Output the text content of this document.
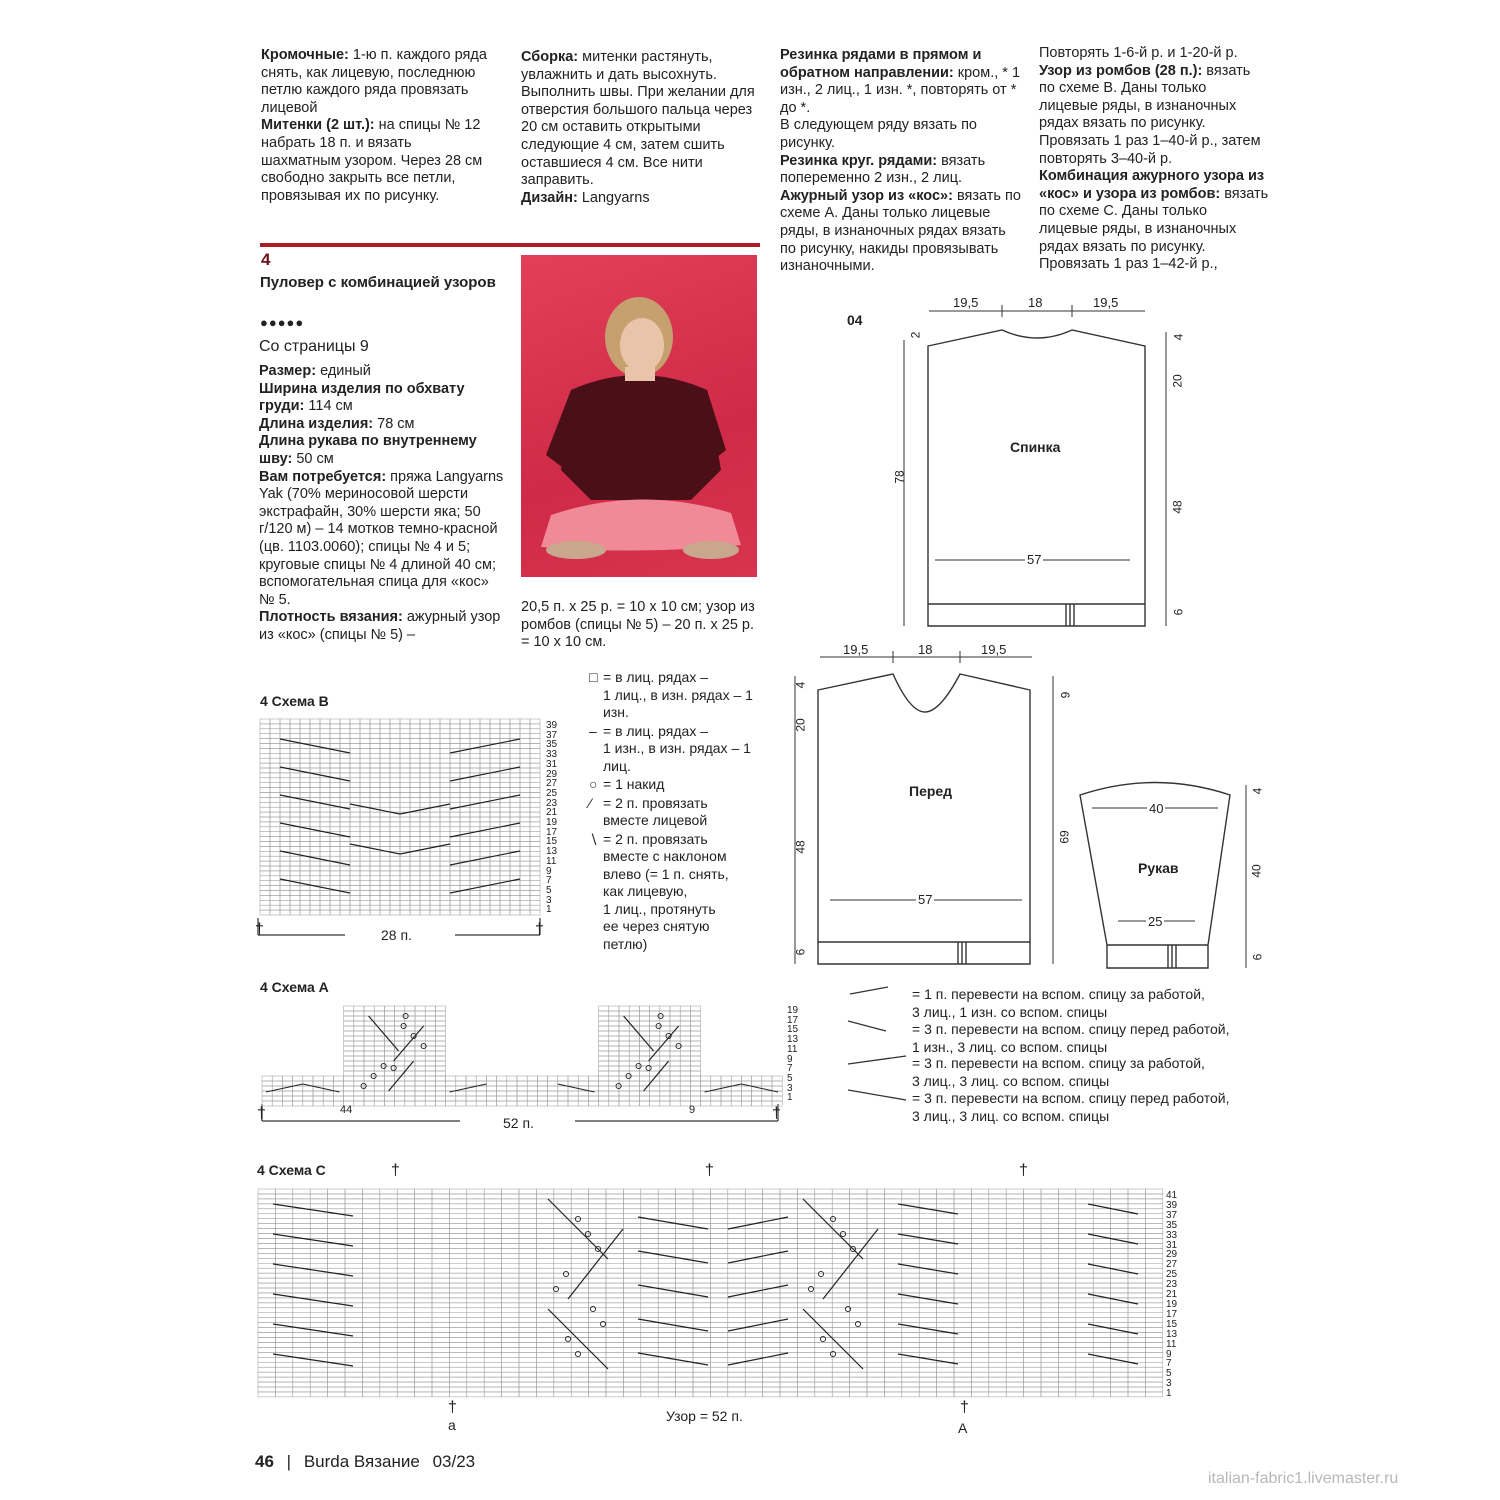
Кромочные: 1-ю п. каждого ряда снять, как лицевую, последнюю петлю каждого ряда провязать лицевой

Митенки (2 шт.): на спицы № 12 набрать 18 п. и вязать шахматным узором. Через 28 см свободно закрыть все петли, провязывая их по рисунку.

Сборка: митенки растянуть, увлажнить и дать высохнуть. Выполнить швы. При желании для отверстия большого пальца через 20 см оставить открытыми следующие 4 см, затем сшить оставшиеся 4 см. Все нити заправить.

Дизайн: Langyarns

Резинка рядами в прямом и обратном направлении: кром., * 1 изн., 2 лиц., 1 изн. *, повторять от * до *.

В следующем ряду вязать по рисунку.

Резинка круг. рядами: вязать попеременно 2 изн., 2 лиц.

Ажурный узор из «кос»: вязать по схеме А. Даны только лицевые ряды, в изнаночных рядах вязать по рисунку, накиды провязывать изнаночными.

Повторять 1-6-й р. и 1-20-й р.

Узор из ромбов (28 п.): вязать по схеме В. Даны только лицевые ряды, в изнаночных рядах вязать по рисунку. Провязать 1 раз 1–40-й р., затем повторять 3–40-й р.

Комбинация ажурного узора из «кос» и узора из ромбов: вязать по схеме С. Даны только лицевые ряды, в изнаночных рядах вязать по рисунку. Провязать 1 раз 1–42-й р.,

4
Пуловер с комбинацией узоров
●●●●●
Со страницы 9

Размер: единый

Ширина изделия по обхвату груди: 114 см

Длина изделия: 78 см

Длина рукава по внутреннему шву: 50 см

Вам потребуется: пряжа Langyarns Yak (70% мериносовой шерсти экстрафайн, 30% шерсти яка; 50 г/120 м) – 14 мотков темно-красной (цв. 1103.0060); спицы № 4 и 5; круговые спицы № 4 длиной 40 см; вспомогательная спица для «кос» № 5.

Плотность вязания: ажурный узор из «кос» (спицы № 5) –

20,5 п. х 25 р. = 10 х 10 см; узор из ромбов (спицы № 5) – 20 п. х 25 р. = 10 х 10 см.
†	†	†
†	†
†	†
†	†
04
19,5	18	19,5
Спинка
57
78
2	4
20
48
6
19,5	18	19,5
Перед
57
4
20
48
6
9
69
40
Рукав
25
4
40
6
4 Схема В
28 п.
4 Схема А
52 п.
44	9
4 Схема С
Узор = 52 п.
а	А
39
37
35
33
31
29
27
25
23
21
19
17
15
13
11
9
7
5
3
1
19
17
15
13
11
9
7
5
3
1
41
39
37
35
33
31
29
27
25
23
21
19
17
15
13
11
9
7
5
3
1
□ = в лиц. рядах –
1 лиц., в изн. рядах – 1 изн.
– = в лиц. рядах –
1 изн., в изн. рядах – 1 лиц.
○ = 1 накид
⁄ = 2 п. провязать
вместе лицевой
∖ = 2 п. провязать
вместе с наклоном
влево (= 1 п. снять,
как лицевую,
1 лиц., протянуть
ее через снятую
петлю)
= 1 п. перевести на вспом. спицу за работой,
3 лиц., 1 изн. со вспом. спицы
= 3 п. перевести на вспом. спицу перед работой,
1 изн., 3 лиц. со вспом. спицы
= 3 п. перевести на вспом. спицу за работой,
3 лиц., 3 лиц. со вспом. спицы
= 3 п. перевести на вспом. спицу перед работой,
3 лиц., 3 лиц. со вспом. спицы
46 | Burda Вязание 03/23
italian-fabric1.livemaster.ru
